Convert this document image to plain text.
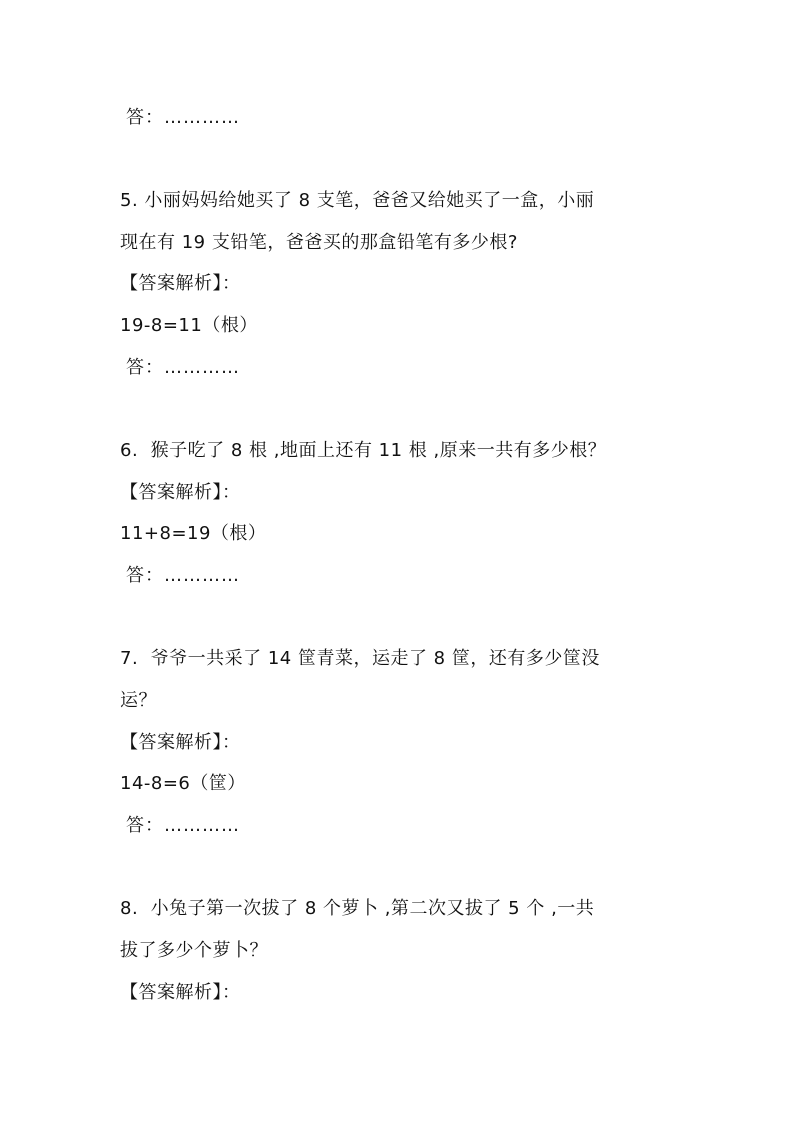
答：…………
5. 小丽妈妈给她买了 8 支笔，爸爸又给她买了一盒，小丽
现在有 19 支铅笔，爸爸买的那盒铅笔有多少根?
【答案解析】：
19-8=11（根）
答：…………
6.  猴子吃了 8 根 ,地面上还有 11 根 ,原来一共有多少根？
【答案解析】：
11+8=19（根）
答：…………
7.  爷爷一共采了 14 筐青菜，运走了 8 筐，还有多少筐没
运？
【答案解析】：
14-8=6（筐）
答：…………
8.  小兔子第一次拔了 8 个萝卜 ,第二次又拔了 5 个 ,一共
拔了多少个萝卜？
【答案解析】：
